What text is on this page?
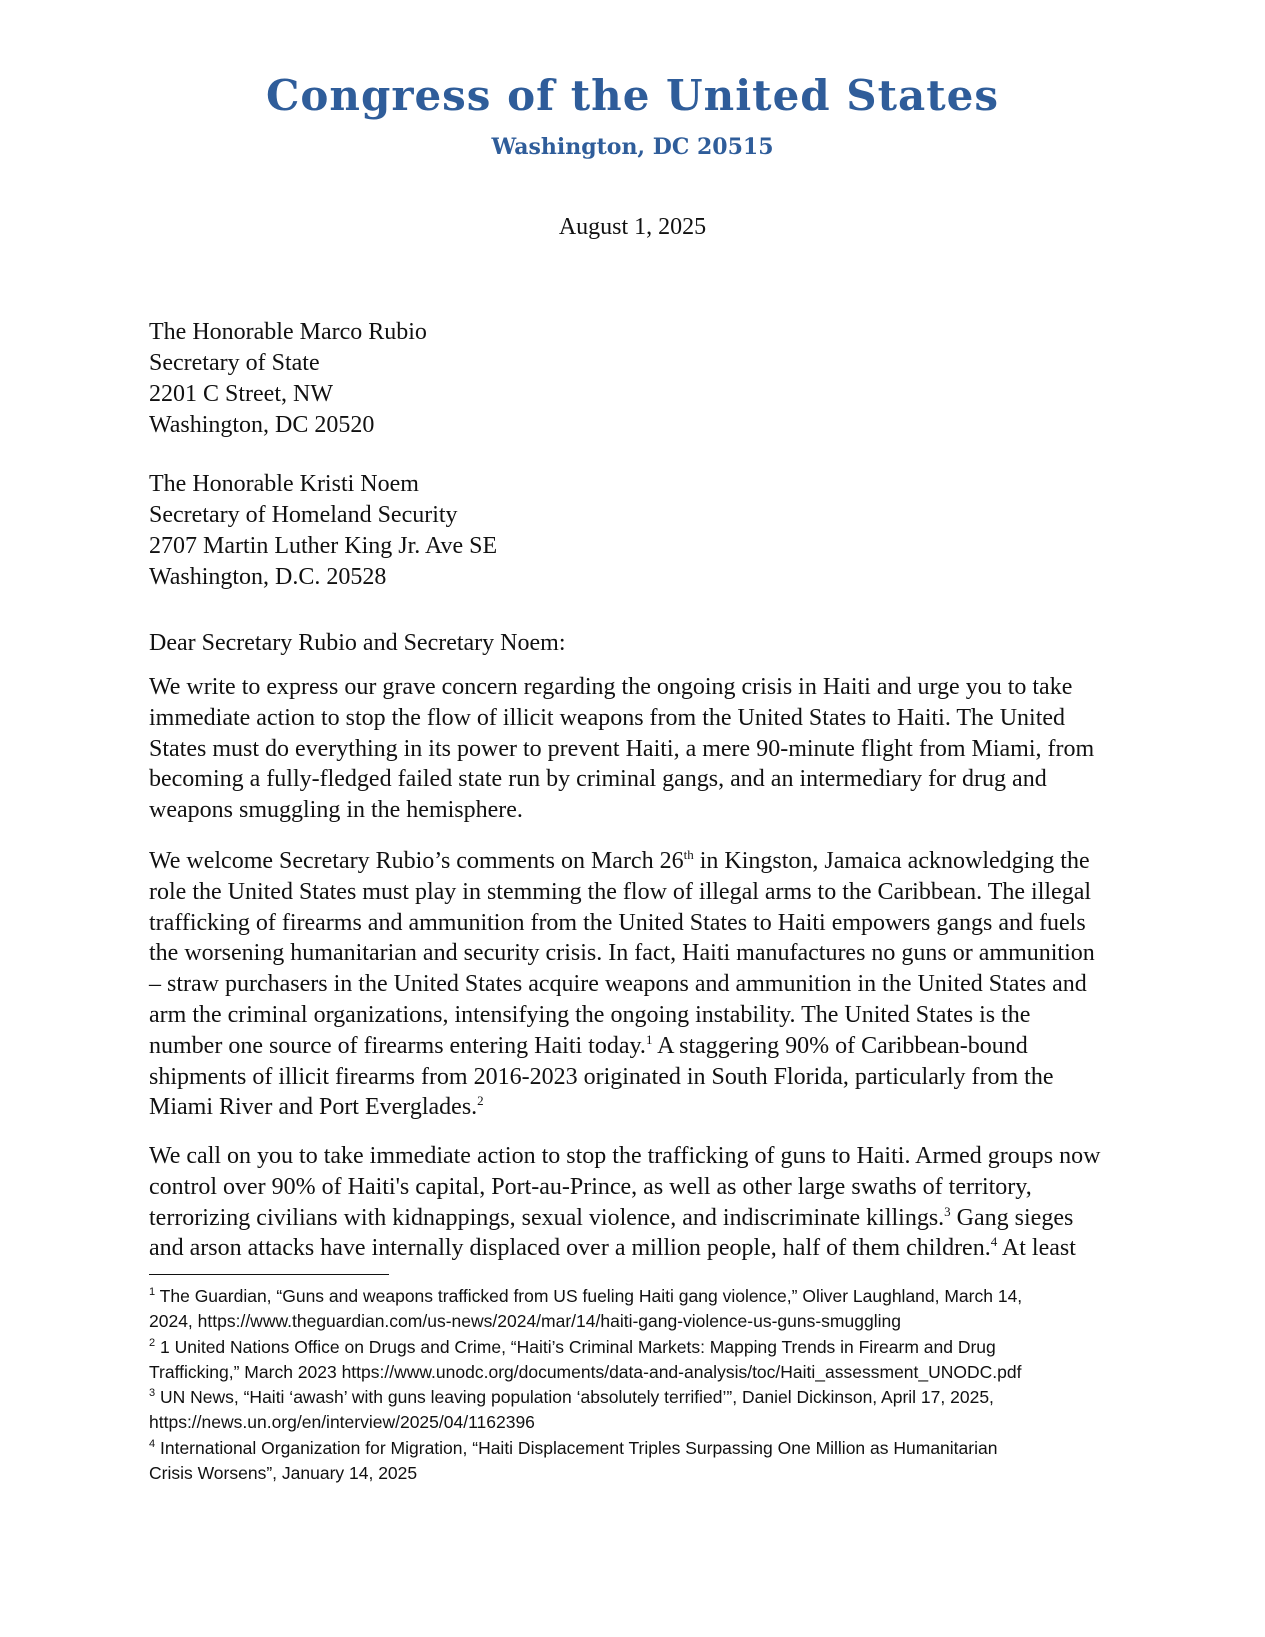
Congress of the United States
Washington, DC 20515
August 1, 2025
The Honorable Marco Rubio
Secretary of State
2201 C Street, NW
Washington, DC 20520
The Honorable Kristi Noem
Secretary of Homeland Security
2707 Martin Luther King Jr. Ave SE
Washington, D.C. 20528
Dear Secretary Rubio and Secretary Noem:

We write to express our grave concern regarding the ongoing crisis in Haiti and urge you to take immediate action to stop the flow of illicit weapons from the United States to Haiti. The United States must do everything in its power to prevent Haiti, a mere 90-minute flight from Miami, from becoming a fully-fledged failed state run by criminal gangs, and an intermediary for drug and weapons smuggling in the hemisphere.

We welcome Secretary Rubio’s comments on March 26th in Kingston, Jamaica acknowledging the role the United States must play in stemming the flow of illegal arms to the Caribbean. The illegal trafficking of firearms and ammunition from the United States to Haiti empowers gangs and fuels the worsening humanitarian and security crisis. In fact, Haiti manufactures no guns or ammunition – straw purchasers in the United States acquire weapons and ammunition in the United States and arm the criminal organizations, intensifying the ongoing instability. The United States is the number one source of firearms entering Haiti today.$^1$ A staggering 90% of Caribbean-bound shipments of illicit firearms from 2016-2023 originated in South Florida, particularly from the Miami River and Port Everglades.$^2$

We call on you to take immediate action to stop the trafficking of guns to Haiti. Armed groups now control over 90% of Haiti's capital, Port-au-Prince, as well as other large swaths of territory, terrorizing civilians with kidnappings, sexual violence, and indiscriminate killings.$^3$ Gang sieges and arson attacks have internally displaced over a million people, half of them children.$^4$ At least

$^1$ The Guardian, “Guns and weapons trafficked from US fueling Haiti gang violence,” Oliver Laughland, March 14,
2024, https://www.theguardian.com/us-news/2024/mar/14/haiti-gang-violence-us-guns-smuggling
$^2$ 1 United Nations Office on Drugs and Crime, “Haiti’s Criminal Markets: Mapping Trends in Firearm and Drug
Trafficking,” March 2023 https://www.unodc.org/documents/data-and-analysis/toc/Haiti_assessment_UNODC.pdf
$^3$ UN News, “Haiti ‘awash’ with guns leaving population ‘absolutely terrified’”, Daniel Dickinson, April 17, 2025,
https://news.un.org/en/interview/2025/04/1162396
$^4$ International Organization for Migration, “Haiti Displacement Triples Surpassing One Million as Humanitarian
Crisis Worsens”, January 14, 2025
